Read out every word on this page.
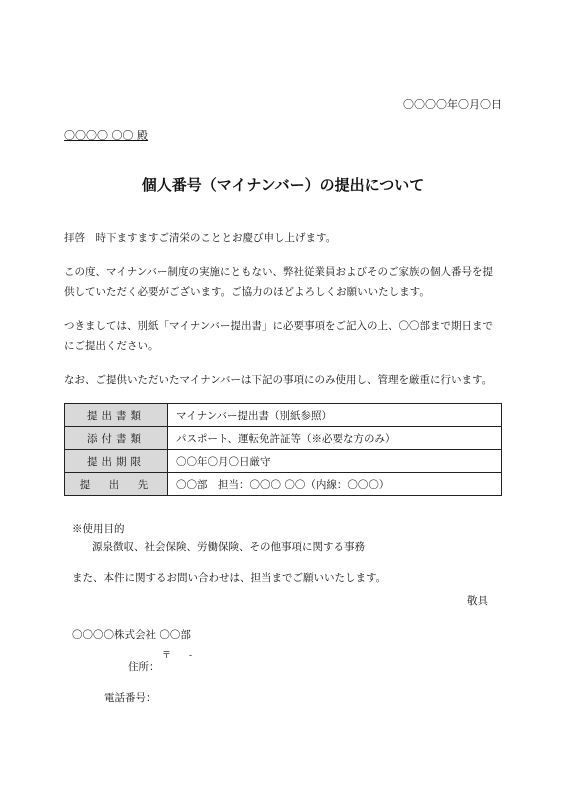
〇〇〇〇年〇月〇日
〇〇〇〇 〇〇 殿
個人番号（マイナンバー）の提出について
拝啓　時下ますますご清栄のこととお慶び申し上げます。
この度、マイナンバー制度の実施にともない、弊社従業員およびそのご家族の個人番号を提
供していただく必要がございます。ご協力のほどよろしくお願いいたします。
つきましては、別紙「マイナンバー提出書」に必要事項をご記入の上、〇〇部まで期日まで
にご提出ください。
なお、ご提供いただいたマイナンバーは下記の事項にのみ使用し、管理を厳重に行います。
提出書類	マイナンバー提出書（別紙参照）
添付書類	パスポート、運転免許証等（※必要な方のみ）
提出期限	〇〇年〇月〇日厳守
提　出　先	〇〇部　担当：〇〇〇 〇〇（内線：〇〇〇）
※使用目的
源泉徴収、社会保険、労働保険、その他事項に関する事務
また、本件に関するお問い合わせは、担当までご願いいたします。
敬具
〇〇〇〇株式会社 〇〇部
〒　　-
住所：
電話番号：
